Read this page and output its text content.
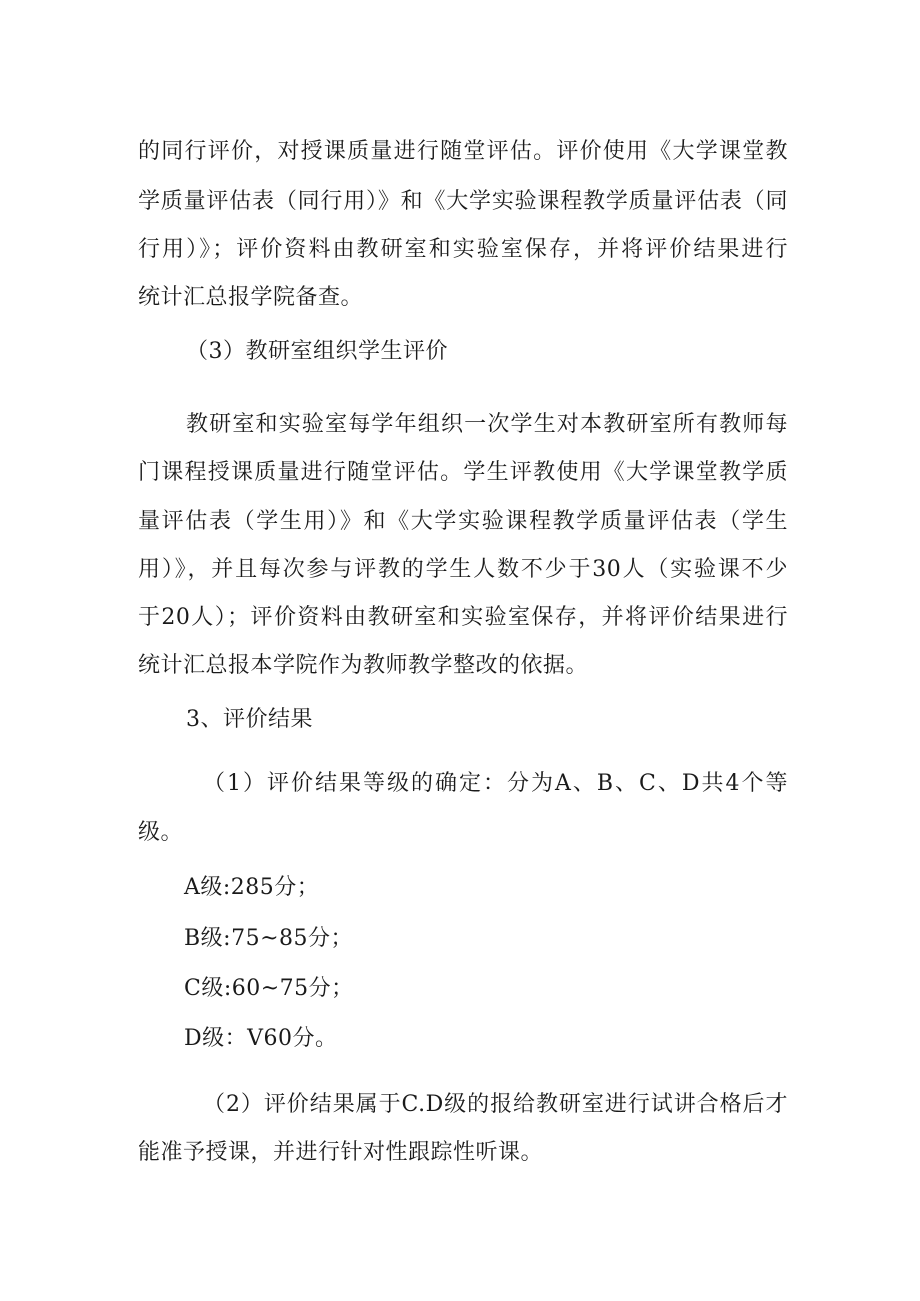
的同行评价，对授课质量进行随堂评估。评价使用《大学课堂教
学质量评估表（同行用）》和《大学实验课程教学质量评估表（同
行用）》；评价资料由教研室和实验室保存，并将评价结果进行
统计汇总报学院备查。
（3）教研室组织学生评价
教研室和实验室每学年组织一次学生对本教研室所有教师每
门课程授课质量进行随堂评估。学生评教使用《大学课堂教学质
量评估表（学生用）》和《大学实验课程教学质量评估表（学生
用）》，并且每次参与评教的学生人数不少于30人（实验课不少
于20人）；评价资料由教研室和实验室保存，并将评价结果进行
统计汇总报本学院作为教师教学整改的依据。
3、评价结果
（1）评价结果等级的确定：分为A、B、C、D共4个等
级。
A级:285分；
B级:75~85分；
C级:60~75分；
D级：V60分。
（2）评价结果属于C.D级的报给教研室进行试讲合格后才
能准予授课，并进行针对性跟踪性听课。
